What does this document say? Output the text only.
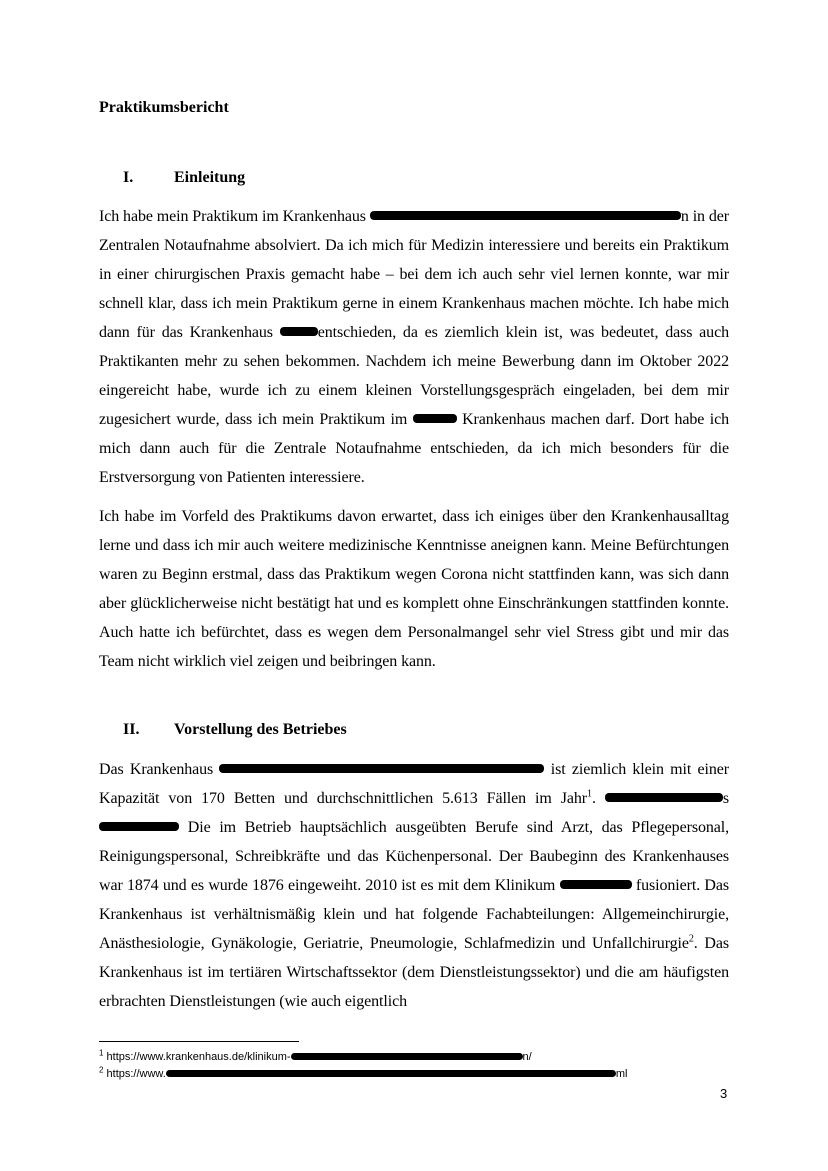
Praktikumsbericht
I.	Einleitung

Ich habe mein Praktikum im Krankenhaus	n in der Zentralen Notaufnahme absolviert. Da ich mich für Medizin interessiere und bereits ein Praktikum in einer chirurgischen Praxis gemacht habe – bei dem ich auch sehr viel lernen konnte, war mir schnell klar, dass ich mein Praktikum gerne in einem Krankenhaus machen möchte. Ich habe mich dann für das Krankenhaus	entschieden, da es ziemlich klein ist, was bedeutet, dass auch Praktikanten mehr zu sehen bekommen. Nachdem ich meine Bewerbung dann im Oktober 2022 eingereicht habe, wurde ich zu einem kleinen Vorstellungsgespräch eingeladen, bei dem mir zugesichert wurde, dass ich mein Praktikum im	Krankenhaus machen darf. Dort habe ich mich dann auch für die Zentrale Notaufnahme entschieden, da ich mich besonders für die Erstversorgung von Patienten interessiere.

Ich habe im Vorfeld des Praktikums davon erwartet, dass ich einiges über den Krankenhausalltag lerne und dass ich mir auch weitere medizinische Kenntnisse aneignen kann. Meine Befürchtungen waren zu Beginn erstmal, dass das Praktikum wegen Corona nicht stattfinden kann, was sich dann aber glücklicherweise nicht bestätigt hat und es komplett ohne Einschränkungen stattfinden konnte. Auch hatte ich befürchtet, dass es wegen dem Personalmangel sehr viel Stress gibt und mir das Team nicht wirklich viel zeigen und beibringen kann.

II. Vorstellung des Betriebes

Das Krankenhaus	ist ziemlich klein mit einer Kapazität von 170 Betten und durchschnittlichen 5.613 Fällen im Jahr$^1$.	s  Die im Betrieb hauptsächlich ausgeübten Berufe sind Arzt, das Pflegepersonal, Reinigungspersonal, Schreibkräfte und das Küchenpersonal. Der Baubeginn des Krankenhauses war 1874 und es wurde 1876 eingeweiht. 2010 ist es mit dem Klinikum	fusioniert. Das Krankenhaus ist verhältnismäßig klein und hat folgende Fachabteilungen: Allgemeinchirurgie, Anästhesiologie, Gynäkologie, Geriatrie, Pneumologie, Schlafmedizin und Unfallchirurgie$^2$. Das Krankenhaus ist im tertiären Wirtschaftssektor (dem Dienstleistungssektor) und die am häufigsten erbrachten Dienstleistungen (wie auch eigentlich

$^1$ https://www.krankenhaus.de/klinikum-	n/
$^2$ https://www.	ml
3
